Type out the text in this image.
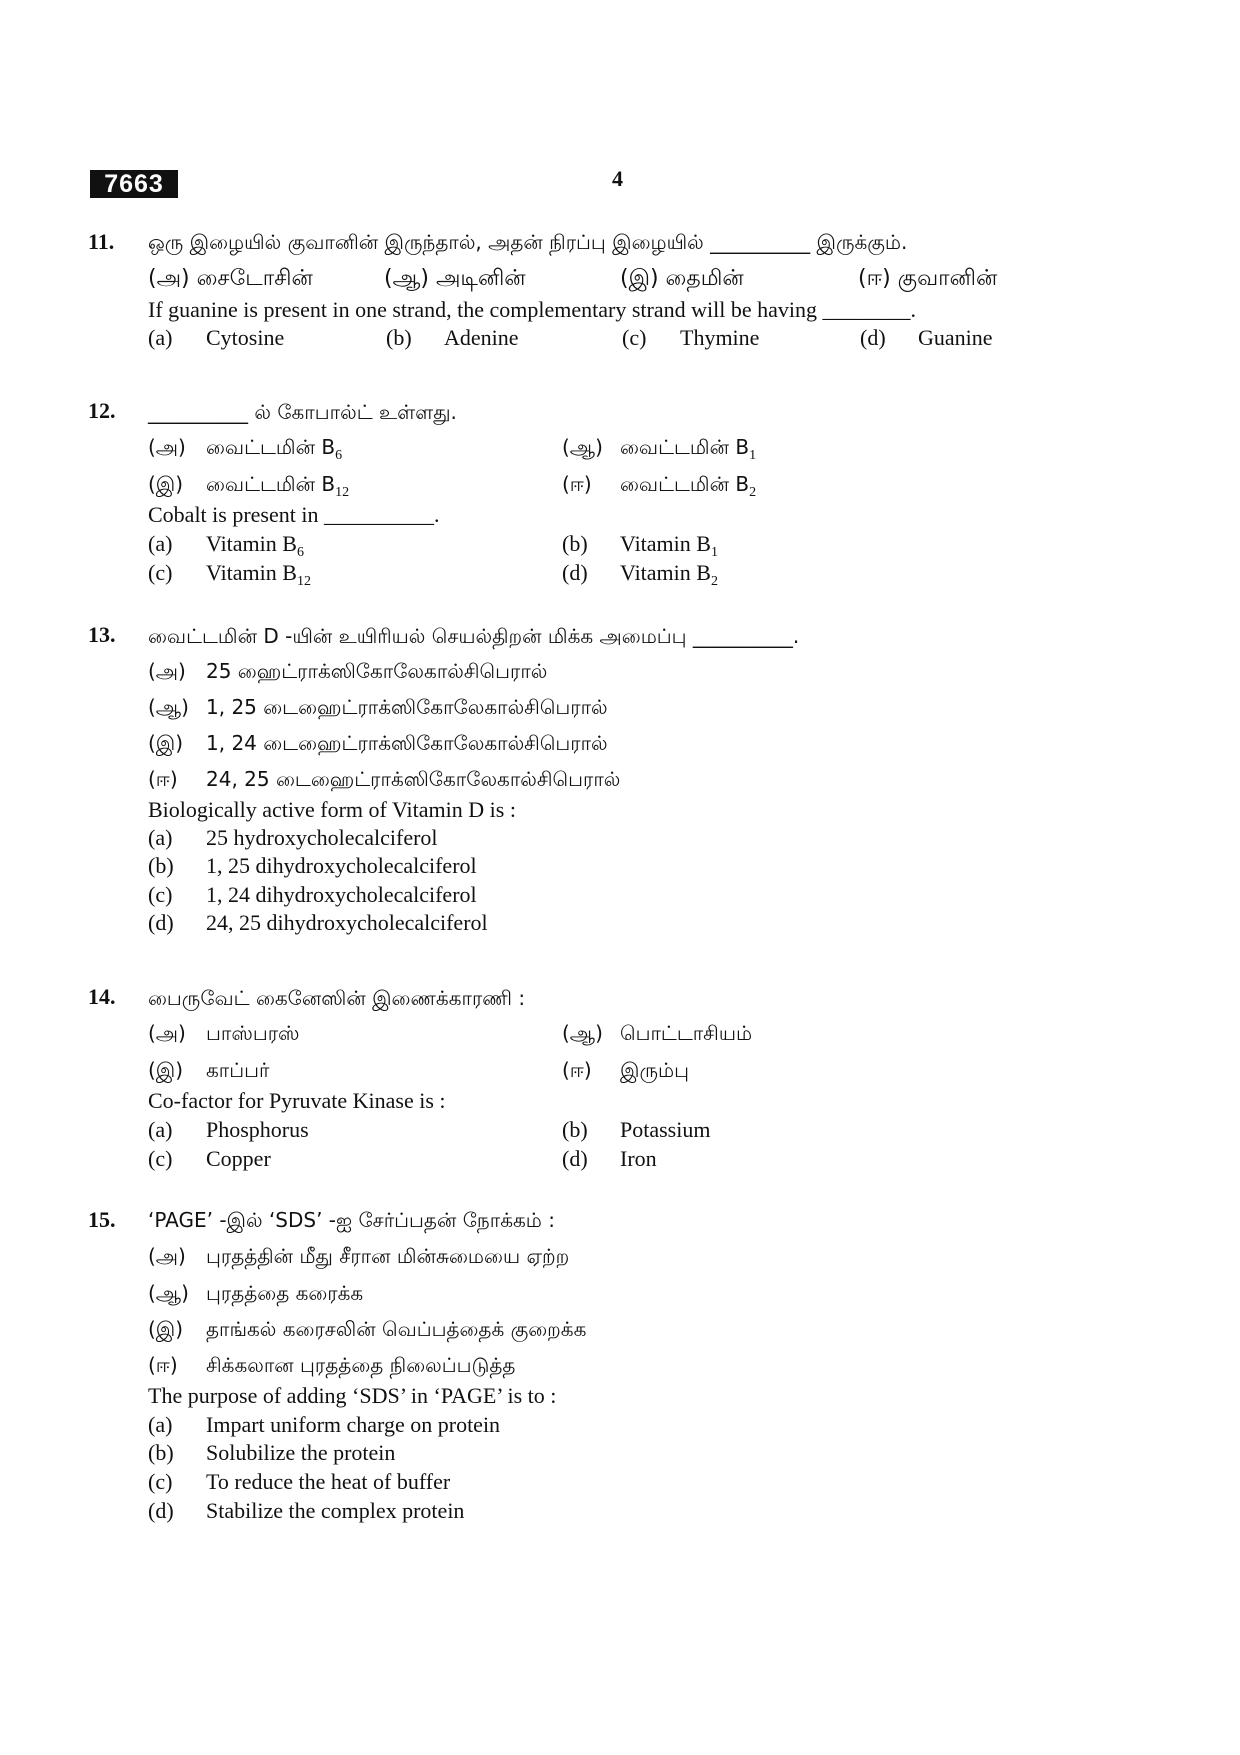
7663	4
11. ஒரு இழையில் குவானின் இருந்தால், அதன் நிரப்பு இழையில் __________ இருக்கும்.
(அ) சைடோசின்	(ஆ) அடினின்	(இ) தைமின்	(ஈ) குவானின்
If guanine is present in one strand, the complementary strand will be having ________.
(a) Cytosine	(b) Adenine	(c) Thymine	(d) Guanine
12. __________ ல் கோபால்ட் உள்ளது.
(அ) வைட்டமின் $B_6$	(ஆ) வைட்டமின் $B_1$
(இ) வைட்டமின் $B_{12}$	(ஈ) வைட்டமின் $B_2$
Cobalt is present in __________.
(a) Vitamin $B_6$	(b) Vitamin $B_1$
(c) Vitamin $B_{12}$	(d) Vitamin $B_2$
13. வைட்டமின் D -யின் உயிரியல் செயல்திறன் மிக்க அமைப்பு __________.
(அ) 25 ஹைட்ராக்ஸிகோலேகால்சிபெரால்
(ஆ) 1, 25 டைஹைட்ராக்ஸிகோலேகால்சிபெரால்
(இ) 1, 24 டைஹைட்ராக்ஸிகோலேகால்சிபெரால்
(ஈ) 24, 25 டைஹைட்ராக்ஸிகோலேகால்சிபெரால்
Biologically active form of Vitamin D is :
(a) 25 hydroxycholecalciferol
(b) 1, 25 dihydroxycholecalciferol
(c) 1, 24 dihydroxycholecalciferol
(d) 24, 25 dihydroxycholecalciferol
14. பைருவேட் கைனேஸின் இணைக்காரணி :
(அ) பாஸ்பரஸ்	(ஆ) பொட்டாசியம்
(இ) காப்பர்	(ஈ) இரும்பு
Co-factor for Pyruvate Kinase is :
(a) Phosphorus	(b) Potassium
(c) Copper	(d) Iron
15. ‘PAGE’ -இல் ‘SDS’ -ஐ சேர்ப்பதன் நோக்கம் :
(அ) புரதத்தின் மீது சீரான மின்சுமையை ஏற்ற
(ஆ) புரதத்தை கரைக்க
(இ) தாங்கல் கரைசலின் வெப்பத்தைக் குறைக்க
(ஈ) சிக்கலான புரதத்தை நிலைப்படுத்த
The purpose of adding ‘SDS’ in ‘PAGE’ is to :
(a) Impart uniform charge on protein
(b) Solubilize the protein
(c) To reduce the heat of buffer
(d) Stabilize the complex protein
